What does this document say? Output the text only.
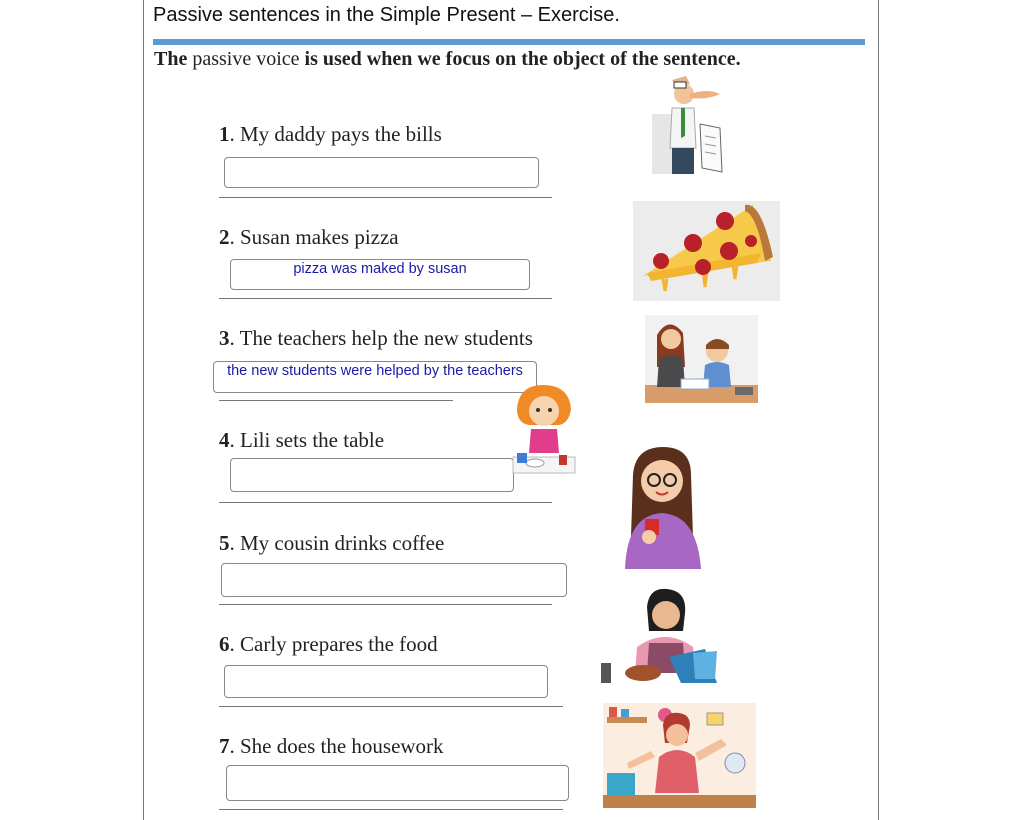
Passive sentences in the Simple Present – Exercise.
The passive voice is used when we focus on the object of the sentence.
1. My daddy pays the bills
2. Susan makes pizza
pizza was maked by susan
3. The teachers help the new students
the new students were helped by the teachers
4. Lili sets the table
5. My cousin drinks coffee
6. Carly prepares the food
7. She does the housework
